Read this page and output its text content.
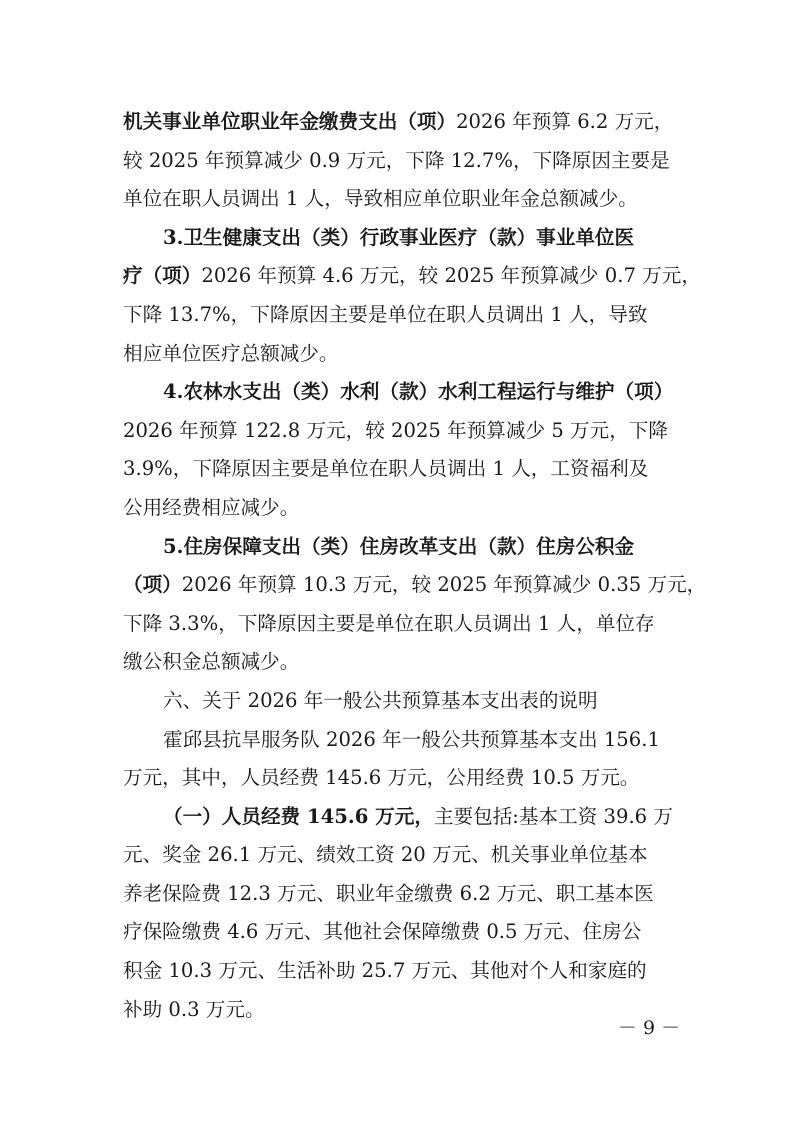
机关事业单位职业年金缴费支出（项）2026 年预算 6.2 万元，
较 2025 年预算减少 0.9 万元，下降 12.7%，下降原因主要是
单位在职人员调出 1 人，导致相应单位职业年金总额减少。
3.卫生健康支出（类）行政事业医疗（款）事业单位医
疗（项）2026 年预算 4.6 万元，较 2025 年预算减少 0.7 万元，
下降 13.7%，下降原因主要是单位在职人员调出 1 人，导致
相应单位医疗总额减少。
4.农林水支出（类）水利（款）水利工程运行与维护（项）
2026 年预算 122.8 万元，较 2025 年预算减少 5 万元，下降
3.9%，下降原因主要是单位在职人员调出 1 人，工资福利及
公用经费相应减少。
5.住房保障支出（类）住房改革支出（款）住房公积金
（项）2026 年预算 10.3 万元，较 2025 年预算减少 0.35 万元，
下降 3.3%，下降原因主要是单位在职人员调出 1 人，单位存
缴公积金总额减少。
六、关于 2026 年一般公共预算基本支出表的说明
霍邱县抗旱服务队 2026 年一般公共预算基本支出 156.1
万元，其中，人员经费 145.6 万元，公用经费 10.5 万元。
（一）人员经费 145.6 万元，主要包括:基本工资 39.6 万
元、奖金 26.1 万元、绩效工资 20 万元、机关事业单位基本
养老保险费 12.3 万元、职业年金缴费 6.2 万元、职工基本医
疗保险缴费 4.6 万元、其他社会保障缴费 0.5 万元、住房公
积金 10.3 万元、生活补助 25.7 万元、其他对个人和家庭的
补助 0.3 万元。
－ 9 －
